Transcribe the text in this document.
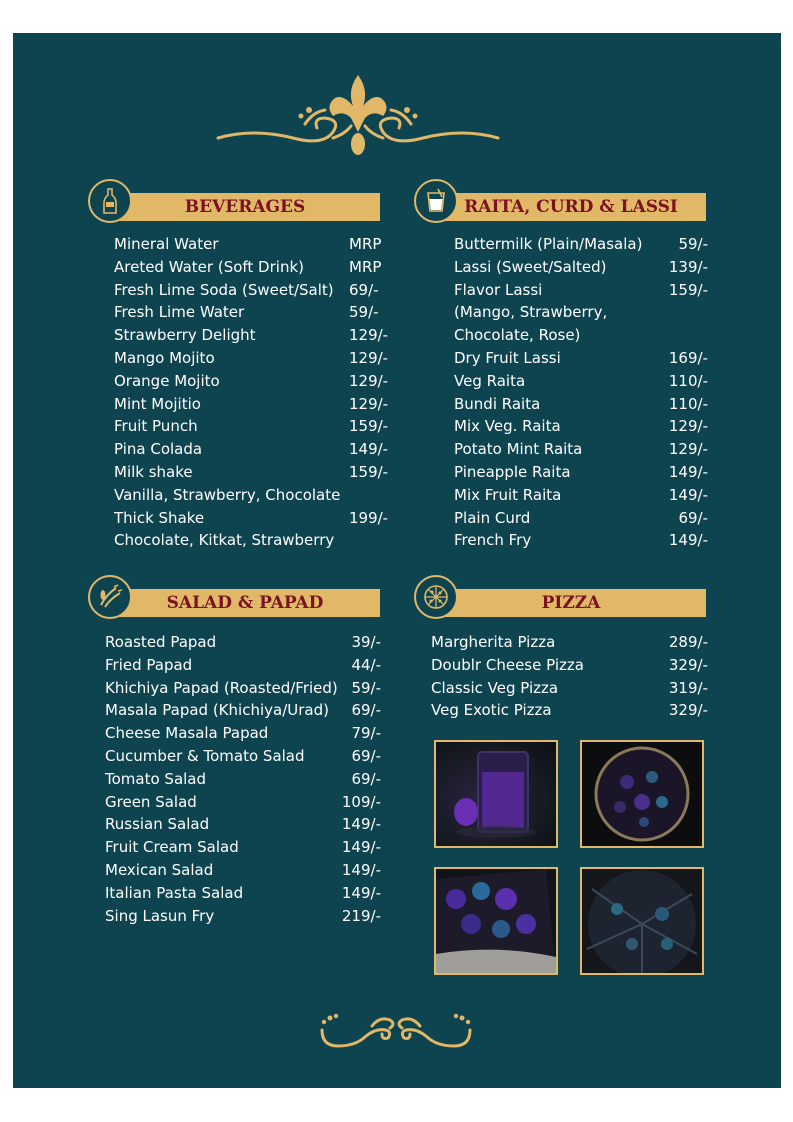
BEVERAGES	RAITA, CURD & LASSI
SALAD & PAPAD	PIZZA
Mineral Water	MRP
Areted Water (Soft Drink)	MRP
Fresh Lime Soda (Sweet/Salt) 69/-
Fresh Lime Water	59/-
Strawberry Delight	129/-
Mango Mojito	129/-
Orange Mojito	129/-
Mint Mojitio	129/-
Fruit Punch	159/-
Pina Colada	149/-
Milk shake	159/-
Vanilla, Strawberry, Chocolate
Thick Shake	199/-
Chocolate, Kitkat, Strawberry
Buttermilk (Plain/Masala) 59/-
Lassi (Sweet/Salted)	139/-
Flavor Lassi	159/-
(Mango, Strawberry,
Chocolate, Rose)
Dry Fruit Lassi	169/-
Veg Raita	110/-
Bundi Raita	110/-
Mix Veg. Raita	129/-
Potato Mint Raita	129/-
Pineapple Raita	149/-
Mix Fruit Raita	149/-
Plain Curd	69/-
French Fry	149/-
Roasted Papad	39/-
Fried Papad	44/-
Khichiya Papad (Roasted/Fried) 59/-
Masala Papad (Khichiya/Urad) 69/-
Cheese Masala Papad	79/-
Cucumber & Tomato Salad	69/-
Tomato Salad	69/-
Green Salad	109/-
Russian Salad	149/-
Fruit Cream Salad	149/-
Mexican Salad	149/-
Italian Pasta Salad	149/-
Sing Lasun Fry	219/-
Margherita Pizza	289/-
Doublr Cheese Pizza	329/-
Classic Veg Pizza	319/-
Veg Exotic Pizza	329/-
